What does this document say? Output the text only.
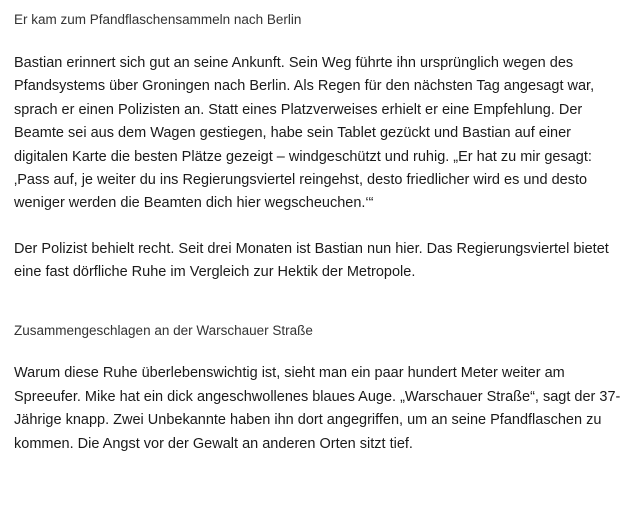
Er kam zum Pfandflaschensammeln nach Berlin

Bastian erinnert sich gut an seine Ankunft. Sein Weg führte ihn ursprünglich wegen des Pfandsystems über Groningen nach Berlin. Als Regen für den nächsten Tag angesagt war, sprach er einen Polizisten an. Statt eines Platzverweises erhielt er eine Empfehlung. Der Beamte sei aus dem Wagen gestiegen, habe sein Tablet gezückt und Bastian auf einer digitalen Karte die besten Plätze gezeigt – windgeschützt und ruhig. „Er hat zu mir gesagt: ‚Pass auf, je weiter du ins Regierungsviertel reingehst, desto friedlicher wird es und desto weniger werden die Beamten dich hier wegscheuchen.‘“

Der Polizist behielt recht. Seit drei Monaten ist Bastian nun hier. Das Regierungsviertel bietet eine fast dörfliche Ruhe im Vergleich zur Hektik der Metropole.

Zusammengeschlagen an der Warschauer Straße

Warum diese Ruhe überlebenswichtig ist, sieht man ein paar hundert Meter weiter am Spreeufer. Mike hat ein dick angeschwollenes blaues Auge. „Warschauer Straße“, sagt der 37-Jährige knapp. Zwei Unbekannte haben ihn dort angegriffen, um an seine Pfandflaschen zu kommen. Die Angst vor der Gewalt an anderen Orten sitzt tief.
